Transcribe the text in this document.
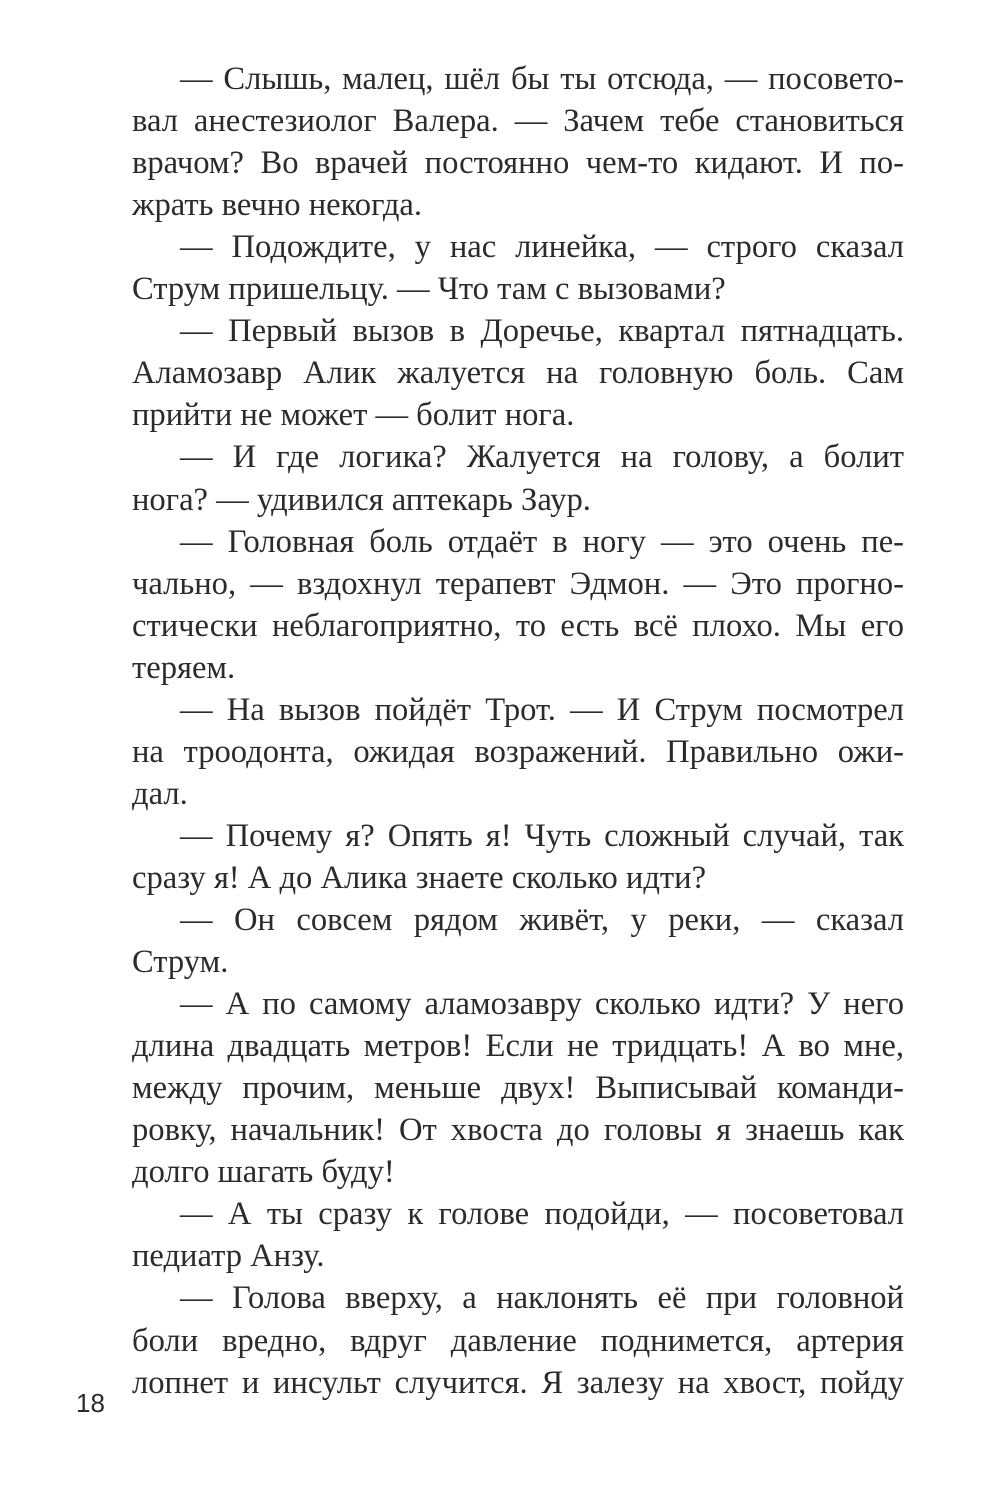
— Слышь, малец, шёл бы ты отсюда, — посовето-
вал анестезиолог Валера. — Зачем тебе становиться
врачом? Во врачей постоянно чем-то кидают. И по-
жрать вечно некогда.
— Подождите, у нас линейка, — строго сказал
Струм пришельцу. — Что там с вызовами?
— Первый вызов в Доречье, квартал пятнадцать.
Аламозавр Алик жалуется на головную боль. Сам
прийти не может — болит нога.
— И где логика? Жалуется на голову, а болит
нога? — удивился аптекарь Заур.
— Головная боль отдаёт в ногу — это очень пе-
чально, — вздохнул терапевт Эдмон. — Это прогно-
стически неблагоприятно, то есть всё плохо. Мы его
теряем.
— На вызов пойдёт Трот. — И Струм посмотрел
на троодонта, ожидая возражений. Правильно ожи-
дал.
— Почему я? Опять я! Чуть сложный случай, так
сразу я! А до Алика знаете сколько идти?
— Он совсем рядом живёт, у реки, — сказал
Струм.
— А по самому аламозавру сколько идти? У него
длина двадцать метров! Если не тридцать! А во мне,
между прочим, меньше двух! Выписывай команди-
ровку, начальник! От хвоста до головы я знаешь как
долго шагать буду!
— А ты сразу к голове подойди, — посоветовал
педиатр Анзу.
— Голова вверху, а наклонять её при головной
боли вредно, вдруг давление поднимется, артерия
лопнет и инсульт случится. Я залезу на хвост, пойду
18
